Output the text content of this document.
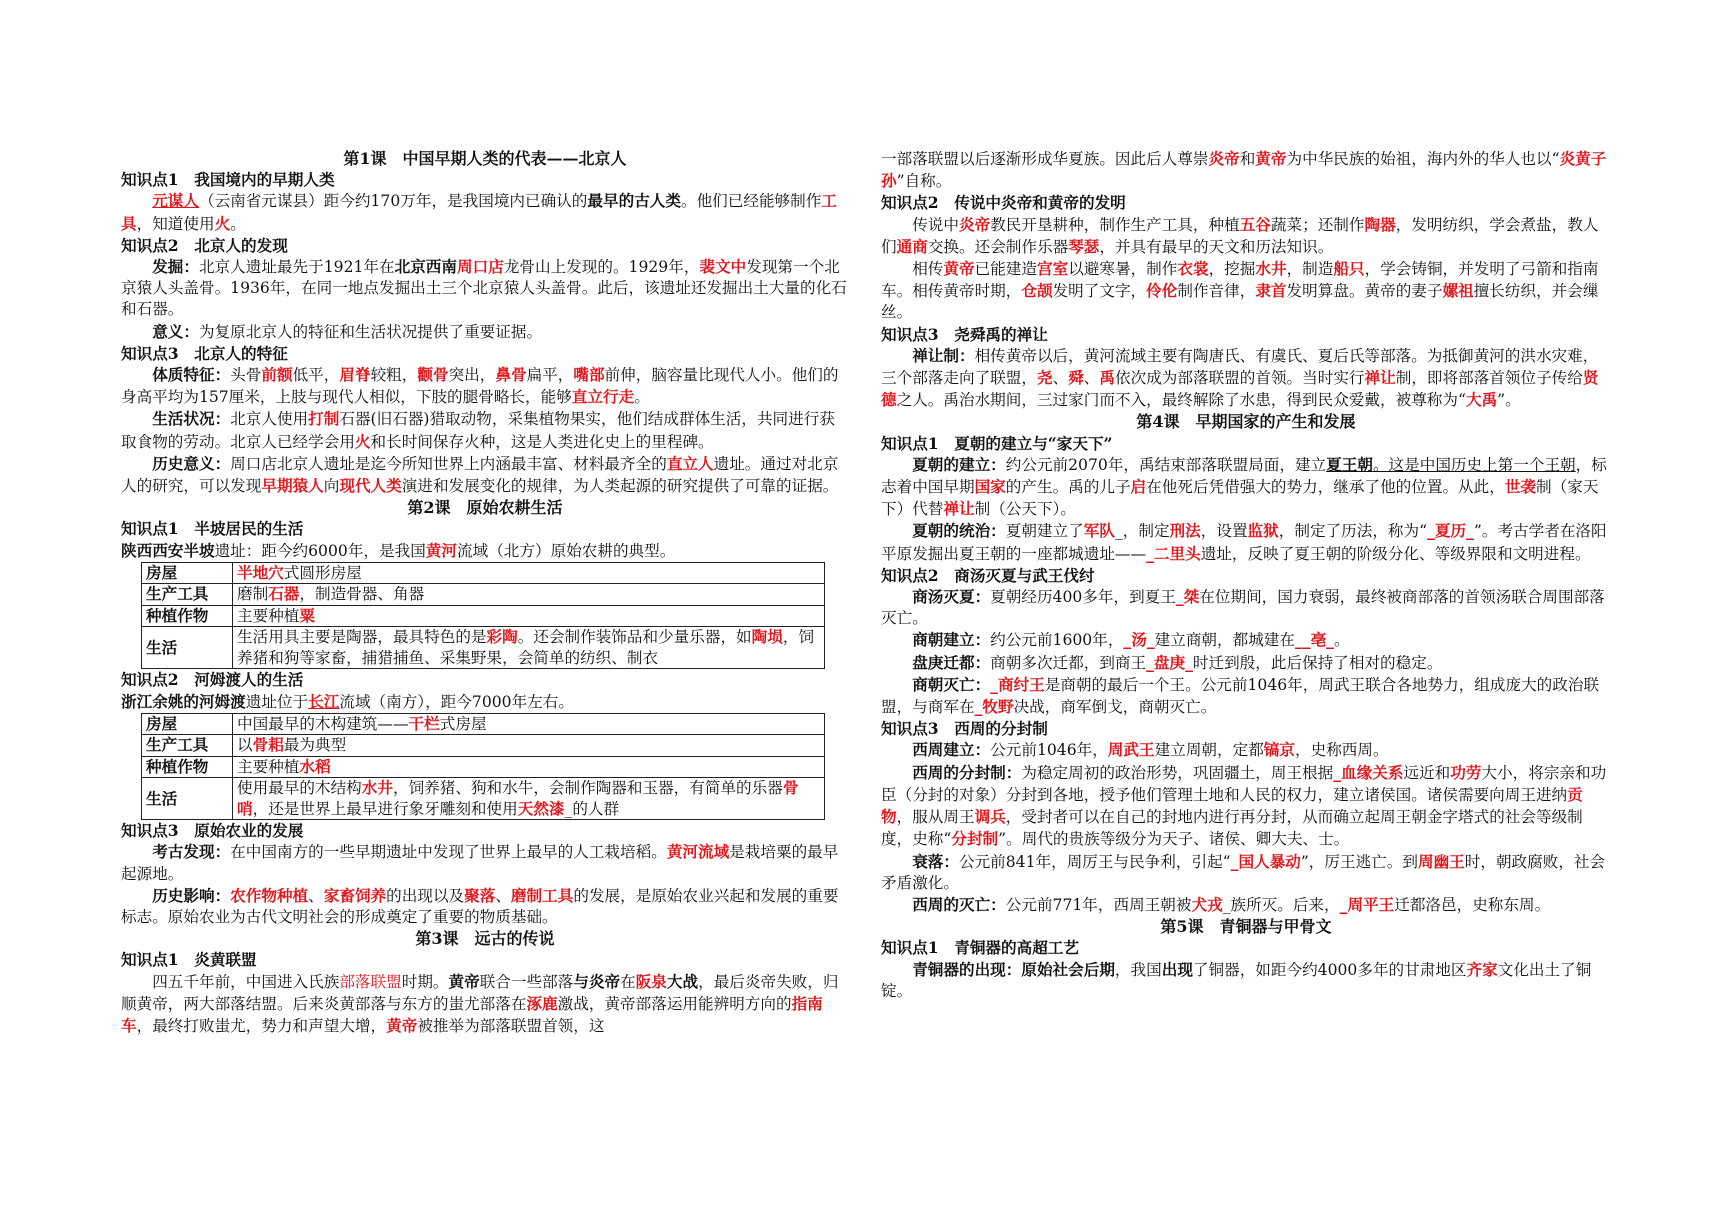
第1课　中国早期人类的代表——北京人
知识点1　我国境内的早期人类
元谋人（云南省元谋县）距今约170万年，是我国境内已确认的最早的古人类。他们已经能够制作工具，知道使用火。
知识点2　北京人的发现
发掘：北京人遗址最先于1921年在北京西南周口店龙骨山上发现的。1929年，裴文中发现第一个北京猿人头盖骨。1936年，在同一地点发掘出土三个北京猿人头盖骨。此后，该遗址还发掘出土大量的化石和石器。
意义：为复原北京人的特征和生活状况提供了重要证据。
知识点3　北京人的特征
体质特征：头骨前额低平，眉脊较粗，颧骨突出，鼻骨扁平，嘴部前伸，脑容量比现代人小。他们的身高平均为157厘米，上肢与现代人相似，下肢的腿骨略长，能够直立行走。
生活状况：北京人使用打制石器(旧石器)猎取动物，采集植物果实，他们结成群体生活，共同进行获取食物的劳动。北京人已经学会用火和长时间保存火种，这是人类进化史上的里程碑。
历史意义：周口店北京人遗址是迄今所知世界上内涵最丰富、材料最齐全的直立人遗址。通过对北京人的研究，可以发现早期猿人向现代人类演进和发展变化的规律，为人类起源的研究提供了可靠的证据。
第2课　原始农耕生活
知识点1　半坡居民的生活
陕西西安半坡遗址：距今约6000年，是我国黄河流域（北方）原始农耕的典型。
房屋	半地穴式圆形房屋
生产工具	磨制石器，制造骨器、角器
种植作物	主要种植粟
生活	生活用具主要是陶器，最具特色的是彩陶。还会制作装饰品和少量乐器，如陶埙，饲养猪和狗等家畜，捕猎捕鱼、采集野果，会简单的纺织、制衣
知识点2　河姆渡人的生活
浙江余姚的河姆渡遗址位于长江流域（南方），距今7000年左右。
房屋	中国最早的木构建筑——干栏式房屋
生产工具	以骨耜最为典型
种植作物	主要种植水稻
生活	使用最早的木结构水井，饲养猪、狗和水牛，会制作陶器和玉器，有简单的乐器骨哨，还是世界上最早进行象牙雕刻和使用天然漆_的人群
知识点3　原始农业的发展
考古发现：在中国南方的一些早期遗址中发现了世界上最早的人工栽培稻。黄河流域是栽培粟的最早起源地。
历史影响：农作物种植、家畜饲养的出现以及聚落、磨制工具的发展，是原始农业兴起和发展的重要标志。原始农业为古代文明社会的形成奠定了重要的物质基础。
第3课　远古的传说
知识点1　炎黄联盟
四五千年前，中国进入氏族部落联盟时期。黄帝联合一些部落与炎帝在阪泉大战，最后炎帝失败，归顺黄帝，两大部落结盟。后来炎黄部落与东方的蚩尤部落在涿鹿激战，黄帝部落运用能辨明方向的指南车，最终打败蚩尤，势力和声望大增，黄帝被推举为部落联盟首领，这
一部落联盟以后逐渐形成华夏族。因此后人尊崇炎帝和黄帝为中华民族的始祖，海内外的华人也以“炎黄子孙”自称。
知识点2　传说中炎帝和黄帝的发明
传说中炎帝教民开垦耕种，制作生产工具，种植五谷蔬菜；还制作陶器，发明纺织，学会煮盐，教人们通商交换。还会制作乐器琴瑟，并具有最早的天文和历法知识。
相传黄帝已能建造宫室以避寒暑，制作衣裳，挖掘水井，制造船只，学会铸铜，并发明了弓箭和指南车。相传黄帝时期，仓颉发明了文字，伶伦制作音律，隶首发明算盘。黄帝的妻子嫘祖擅长纺织，并会缫丝。
知识点3　尧舜禹的禅让
禅让制：相传黄帝以后，黄河流域主要有陶唐氏、有虞氏、夏后氏等部落。为抵御黄河的洪水灾难，三个部落走向了联盟，尧、舜、禹依次成为部落联盟的首领。当时实行禅让制，即将部落首领位子传给贤德之人。禹治水期间，三过家门而不入，最终解除了水患，得到民众爱戴，被尊称为“大禹”。
第4课　早期国家的产生和发展
知识点1　夏朝的建立与“家天下”
夏朝的建立：约公元前2070年，禹结束部落联盟局面，建立夏王朝。这是中国历史上第一个王朝，标志着中国早期国家的产生。禹的儿子启在他死后凭借强大的势力，继承了他的位置。从此，世袭制（家天下）代替禅让制（公天下）。
夏朝的统治：夏朝建立了军队_，制定刑法，设置监狱，制定了历法，称为“_夏历_”。考古学者在洛阳平原发掘出夏王朝的一座都城遗址——_二里头遗址，反映了夏王朝的阶级分化、等级界限和文明进程。
知识点2　商汤灭夏与武王伐纣
商汤灭夏：夏朝经历400多年，到夏王_桀在位期间，国力衰弱，最终被商部落的首领汤联合周围部落灭亡。
商朝建立：约公元前1600年，_汤_建立商朝，都城建在__亳_。
盘庚迁都：商朝多次迁都，到商王_盘庚_时迁到殷，此后保持了相对的稳定。
商朝灭亡：_商纣王是商朝的最后一个王。公元前1046年，周武王联合各地势力，组成庞大的政治联盟，与商军在_牧野决战，商军倒戈，商朝灭亡。
知识点3　西周的分封制
西周建立：公元前1046年，周武王建立周朝，定都镐京，史称西周。
西周的分封制：为稳定周初的政治形势，巩固疆土，周王根据_血缘关系远近和功劳大小，将宗亲和功臣（分封的对象）分封到各地，授予他们管理土地和人民的权力，建立诸侯国。诸侯需要向周王进纳贡物，服从周王调兵，受封者可以在自己的封地内进行再分封，从而确立起周王朝金字塔式的社会等级制度，史称“分封制”。周代的贵族等级分为天子、诸侯、卿大夫、士。
衰落：公元前841年，周厉王与民争利，引起“_国人暴动”，厉王逃亡。到周幽王时，朝政腐败，社会矛盾激化。
西周的灭亡：公元前771年，西周王朝被犬戎_族所灭。后来，_周平王迁都洛邑，史称东周。
第5课　青铜器与甲骨文
知识点1　青铜器的高超工艺
青铜器的出现：原始社会后期，我国出现了铜器，如距今约4000多年的甘肃地区齐家文化出土了铜锭。
